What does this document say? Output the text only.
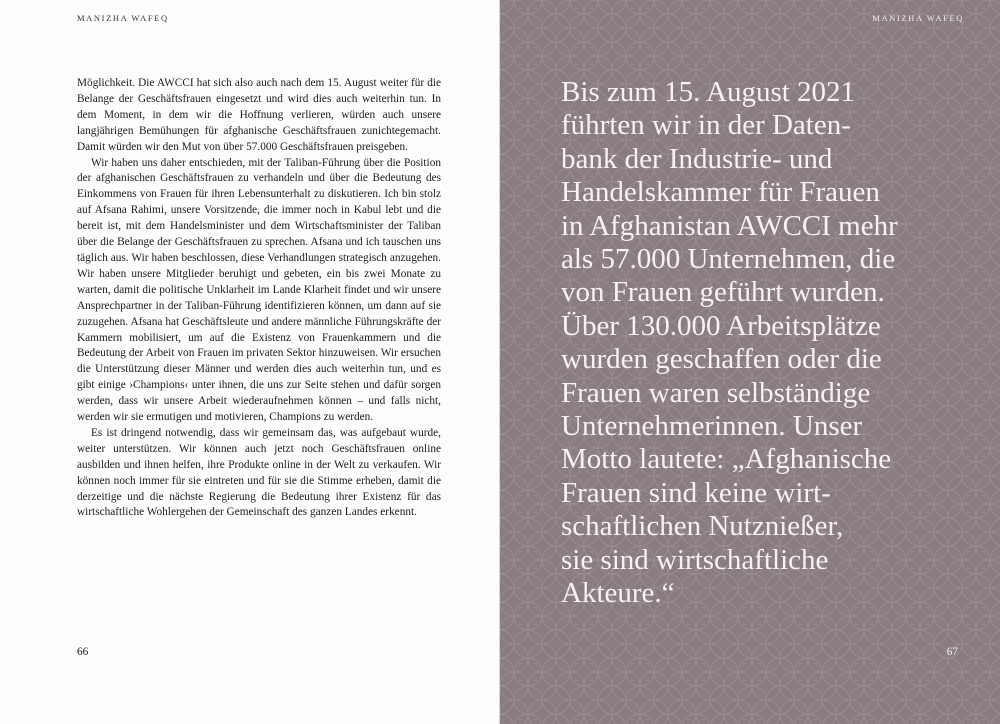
MANIZHA WAFEQ

Möglichkeit. Die AWCCI hat sich also auch nach dem 15. August weiter für die Belange der Geschäftsfrauen eingesetzt und wird dies auch weiterhin tun. In dem Moment, in dem wir die Hoffnung verlieren, würden auch unsere langjährigen Bemühungen für afghanische Geschäftsfrauen zunichtegemacht. Damit würden wir den Mut von über 57.000 Geschäftsfrauen preisgeben.

Wir haben uns daher entschieden, mit der Taliban-Führung über die Position der afghanischen Geschäftsfrauen zu verhandeln und über die Bedeutung des Einkommens von Frauen für ihren Lebensunterhalt zu diskutieren. Ich bin stolz auf Afsana Rahimi, unsere Vorsitzende, die immer noch in Kabul lebt und die bereit ist, mit dem Handelsminister und dem Wirtschaftsminister der Taliban über die Belange der Geschäftsfrauen zu sprechen. Afsana und ich tauschen uns täglich aus. Wir haben beschlossen, diese Verhandlungen strategisch anzugehen. Wir haben unsere Mitglieder beruhigt und gebeten, ein bis zwei Monate zu warten, damit die politische Unklarheit im Lande Klarheit findet und wir unsere Ansprechpartner in der Taliban-Führung identifizieren können, um dann auf sie zuzugehen. Afsana hat Geschäftsleute und andere männliche Führungskräfte der Kammern mobilisiert, um auf die Existenz von Frauenkammern und die Bedeutung der Arbeit von Frauen im privaten Sektor hinzuweisen. Wir ersuchen die Unterstützung dieser Männer und werden dies auch weiterhin tun, und es gibt einige ›Champions‹ unter ihnen, die uns zur Seite stehen und dafür sorgen werden, dass wir unsere Arbeit wiederaufnehmen können – und falls nicht, werden wir sie ermutigen und motivieren, Champions zu werden.

Es ist dringend notwendig, dass wir gemeinsam das, was aufgebaut wurde, weiter unterstützen. Wir können auch jetzt noch Geschäftsfrauen online ausbilden und ihnen helfen, ihre Produkte online in der Welt zu verkaufen. Wir können noch immer für sie eintreten und für sie die Stimme erheben, damit die derzeitige und die nächste Regierung die Bedeutung ihrer Existenz für das wirtschaftliche Wohlergehen der Gemeinschaft des ganzen Landes erkennt.

66
MANIZHA WAFEQ

Bis zum 15. August 2021
führten wir in der Daten-
bank der Industrie- und
Handelskammer für Frauen
in Afghanistan AWCCI mehr
als 57.000 Unternehmen, die
von Frauen geführt wurden.
Über 130.000 Arbeitsplätze
wurden geschaffen oder die
Frauen waren selbständige
Unternehmerinnen. Unser
Motto lautete: „Afghanische
Frauen sind keine wirt-
schaftlichen Nutznießer,
sie sind wirtschaftliche
Akteure.“

67
